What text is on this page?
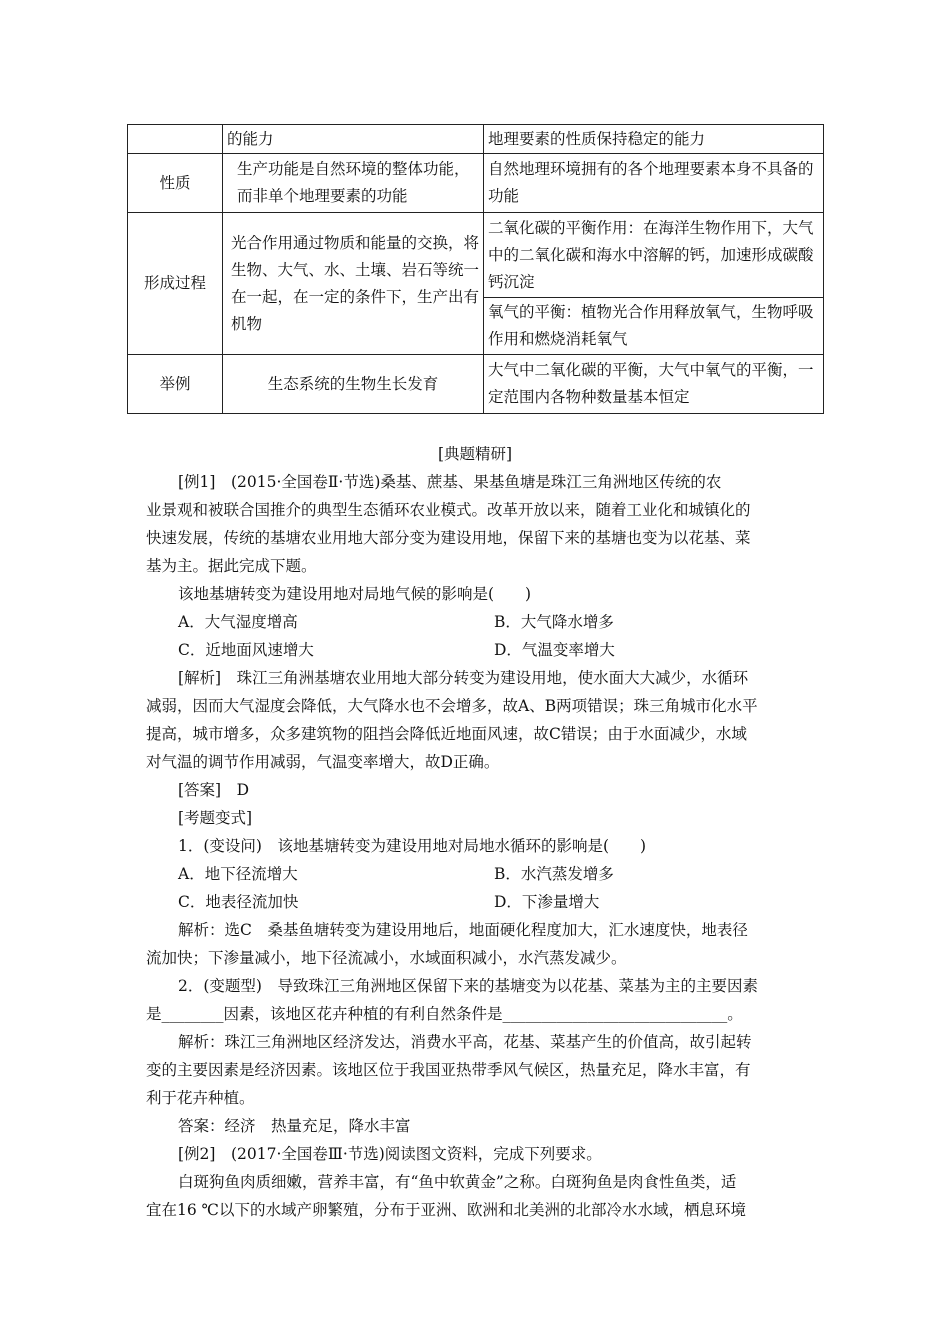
	的能力	地理要素的性质保持稳定的能力
性质	生产功能是自然环境的整体功能，而非单个地理要素的功能	自然地理环境拥有的各个地理要素本身不具备的功能
形成过程	光合作用通过物质和能量的交换，将生物、大气、水、土壤、岩石等统一在一起，在一定的条件下，生产出有机物	二氧化碳的平衡作用：在海洋生物作用下，大气中的二氧化碳和海水中溶解的钙，加速形成碳酸钙沉淀
		氧气的平衡：植物光合作用释放氧气，生物呼吸作用和燃烧消耗氧气
举例	生态系统的生物生长发育	大气中二氧化碳的平衡，大气中氧气的平衡，一定范围内各物种数量基本恒定
[典题精研]
[例1]　(2015·全国卷Ⅱ·节选)桑基、蔗基、果基鱼塘是珠江三角洲地区传统的农
业景观和被联合国推介的典型生态循环农业模式。改革开放以来，随着工业化和城镇化的
快速发展，传统的基塘农业用地大部分变为建设用地，保留下来的基塘也变为以花基、菜
基为主。据此完成下题。
该地基塘转变为建设用地对局地气候的影响是(　　)
A．大气湿度增高	B．大气降水增多
C．近地面风速增大	D．气温变率增大
[解析]　珠江三角洲基塘农业用地大部分转变为建设用地，使水面大大减少，水循环
减弱，因而大气湿度会降低，大气降水也不会增多，故A、B两项错误；珠三角城市化水平
提高，城市增多，众多建筑物的阻挡会降低近地面风速，故C错误；由于水面减少，水域
对气温的调节作用减弱，气温变率增大，故D正确。
[答案]　D
[考题变式]
1．(变设问)　该地基塘转变为建设用地对局地水循环的影响是(　　)
A．地下径流增大	B．水汽蒸发增多
C．地表径流加快	D．下渗量增大
解析：选C　桑基鱼塘转变为建设用地后，地面硬化程度加大，汇水速度快，地表径
流加快；下渗量减小，地下径流减小，水域面积减小，水汽蒸发减少。
2．(变题型)　导致珠江三角洲地区保留下来的基塘变为以花基、菜基为主的主要因素
是________因素，该地区花卉种植的有利自然条件是_____________________________。
解析：珠江三角洲地区经济发达，消费水平高，花基、菜基产生的价值高，故引起转
变的主要因素是经济因素。该地区位于我国亚热带季风气候区，热量充足，降水丰富，有
利于花卉种植。
答案：经济　热量充足，降水丰富
[例2]　(2017·全国卷Ⅲ·节选)阅读图文资料，完成下列要求。
白斑狗鱼肉质细嫩，营养丰富，有“鱼中软黄金”之称。白斑狗鱼是肉食性鱼类，适
宜在16 ℃以下的水域产卵繁殖，分布于亚洲、欧洲和北美洲的北部冷水水域，栖息环境
